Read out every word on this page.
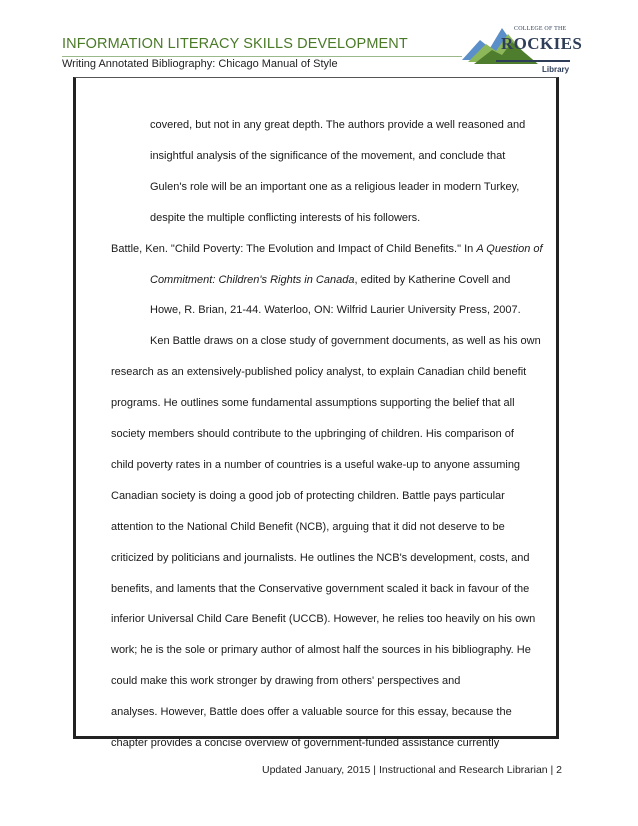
INFORMATION LITERACY SKILLS DEVELOPMENT
Writing Annotated Bibliography: Chicago Manual of Style
COLLEGE OF THE
ROCKIES
Library
covered, but not in any great depth. The authors provide a well reasoned and
insightful analysis of the significance of the movement, and conclude that
Gulen's role will be an important one as a religious leader in modern Turkey,
despite the multiple conflicting interests of his followers.
Battle, Ken. "Child Poverty: The Evolution and Impact of Child Benefits." In A Question of
Commitment: Children's Rights in Canada, edited by Katherine Covell and
Howe, R. Brian, 21-44. Waterloo, ON: Wilfrid Laurier University Press, 2007.
Ken Battle draws on a close study of government documents, as well as his own
research as an extensively-published policy analyst, to explain Canadian child benefit
programs. He outlines some fundamental assumptions supporting the belief that all
society members should contribute to the upbringing of children. His comparison of
child poverty rates in a number of countries is a useful wake-up to anyone assuming
Canadian society is doing a good job of protecting children. Battle pays particular
attention to the National Child Benefit (NCB), arguing that it did not deserve to be
criticized by politicians and journalists. He outlines the NCB's development, costs, and
benefits, and laments that the Conservative government scaled it back in favour of the
inferior Universal Child Care Benefit (UCCB). However, he relies too heavily on his own
work; he is the sole or primary author of almost half the sources in his bibliography. He
could make this work stronger by drawing from others' perspectives and
analyses. However, Battle does offer a valuable source for this essay, because the
chapter provides a concise overview of government-funded assistance currently
Updated January, 2015 | Instructional and Research Librarian | 2
